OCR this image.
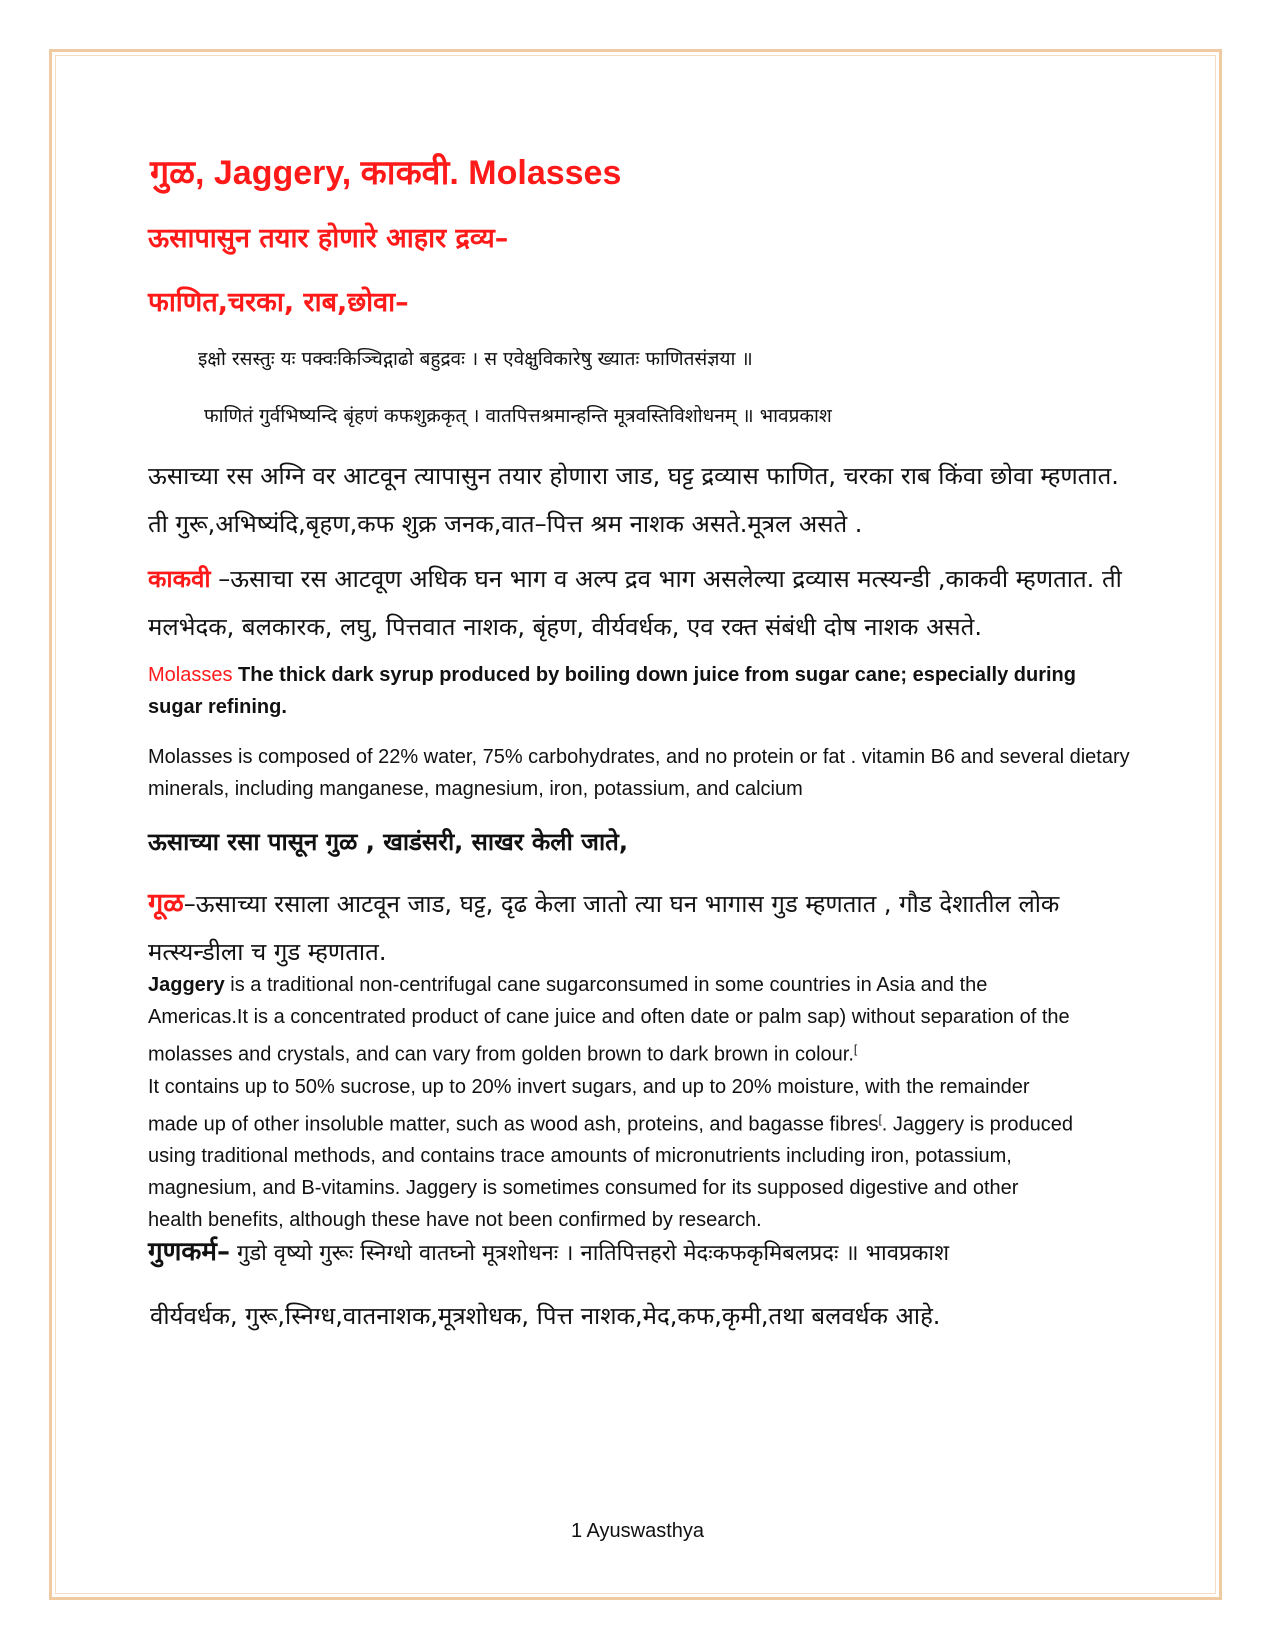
गुळ, Jaggery, काकवी. Molasses
ऊसापासुन तयार होणारे आहार द्रव्य–
फाणित,चरका, राब,छोवा–

इक्षो रसस्तुः यः पक्वःकिञ्चिद्गाढो बहुद्रवः । स एवेक्षुविकारेषु ख्यातः फाणितसंज्ञया ॥

फाणितं गुर्वभिष्यन्दि बृंहणं कफशुक्रकृत् । वातपित्तश्रमान्हन्ति मूत्रवस्तिविशोधनम् ॥ भावप्रकाश

ऊसाच्या रस अग्नि वर आटवून त्यापासुन तयार होणारा जाड, घट्ट द्रव्यास फाणित, चरका राब किंवा छोवा म्हणतात. ती गुरू,अभिष्यंदि,बृहण,कफ शुक्र जनक,वात–पित्त श्रम नाशक असते.मूत्रल असते .

काकवी –ऊसाचा रस आटवूण अधिक घन भाग व अल्प द्रव भाग असलेल्या द्रव्यास मत्स्यन्डी ,काकवी म्हणतात. ती मलभेदक, बलकारक, लघु, पित्तवात नाशक, बृंहण, वीर्यवर्धक, एव रक्त संबंधी दोष नाशक असते.

Molasses The thick dark syrup produced by boiling down juice from sugar cane; especially during sugar refining.

Molasses is composed of 22% water, 75% carbohydrates, and no protein or fat . vitamin B6 and several dietary minerals, including manganese, magnesium, iron, potassium, and calcium

ऊसाच्या रसा पासून गुळ , खाडंसरी, साखर केली जाते,

गूळ–ऊसाच्या रसाला आटवून जाड, घट्ट, दृढ केला जातो त्या घन भागास गुड म्हणतात , गौड देशातील लोक मत्स्यन्डीला च गुड म्हणतात.

Jaggery is a traditional non-centrifugal cane sugarconsumed in some countries in Asia and the Americas.It is a concentrated product of cane juice and often date or palm sap) without separation of the molasses and crystals, and can vary from golden brown to dark brown in colour.[
It contains up to 50% sucrose, up to 20% invert sugars, and up to 20% moisture, with the remainder made up of other insoluble matter, such as wood ash, proteins, and bagasse fibres[. Jaggery is produced using traditional methods, and contains trace amounts of micronutrients including iron, potassium, magnesium, and B-vitamins. Jaggery is sometimes consumed for its supposed digestive and other health benefits, although these have not been confirmed by research.

गुणकर्म– गुडो वृष्यो गुरूः स्निग्धो वातघ्नो मूत्रशोधनः । नातिपित्तहरो मेदःकफकृमिबलप्रदः ॥ भावप्रकाश

वीर्यवर्धक, गुरू,स्निग्ध,वातनाशक,मूत्रशोधक, पित्त नाशक,मेद,कफ,कृमी,तथा बलवर्धक आहे.

1 Ayuswasthya
